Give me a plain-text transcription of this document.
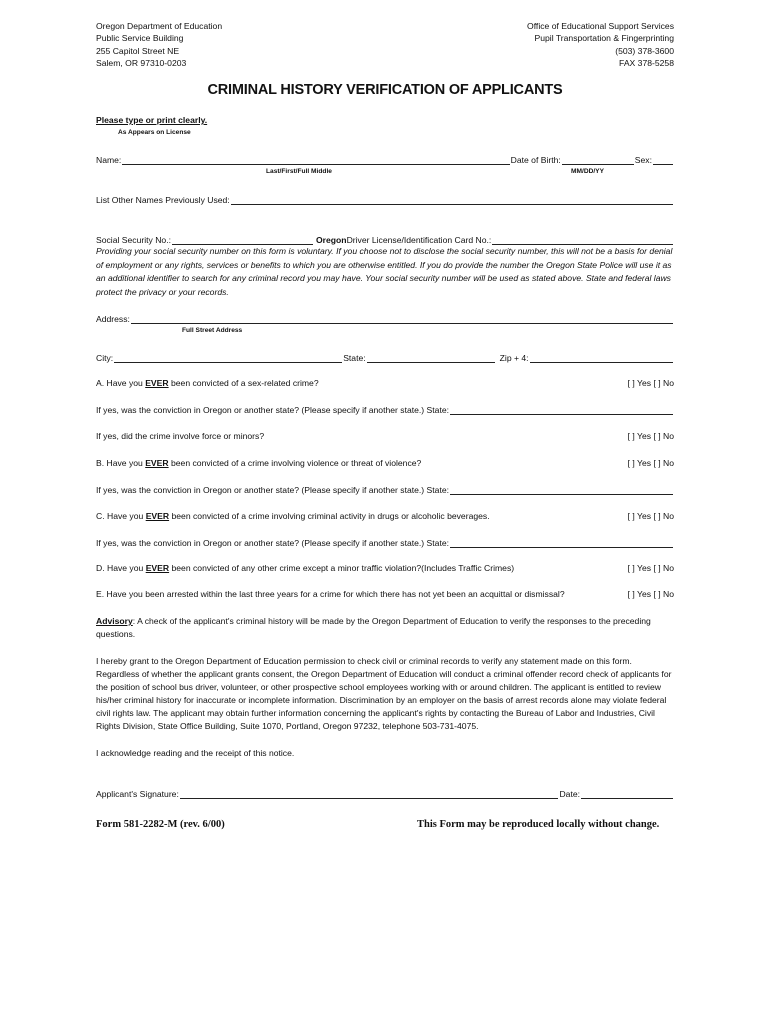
Oregon Department of Education
Public Service Building
255 Capitol Street NE
Salem, OR 97310-0203
Office of Educational Support Services
Pupil Transportation & Fingerprinting
(503) 378-3600
FAX 378-5258
CRIMINAL HISTORY VERIFICATION OF APPLICANTS
Please type or print clearly.
As Appears on License
Name:	Date of Birth:	Sex:
Last/First/Full Middle	MM/DD/YY
List Other Names Previously Used:
Social Security No.:	Oregon Driver License/Identification Card No.:
Providing your social security number on this form is voluntary. If you choose not to disclose the social security number, this will not be a basis for denial of employment or any rights, services or benefits to which you are otherwise entitled. If you do provide the number the Oregon State Police will use it as an additional identifier to search for any criminal record you may have. Your social security number will be used as stated above. State and federal laws protect the privacy or your records.
Address:
Full Street Address
City:	State:	Zip + 4:
A. Have you EVER been convicted of a sex-related crime?	[ ] Yes [ ] No
If yes, was the conviction in Oregon or another state? (Please specify if another state.) State:
If yes, did the crime involve force or minors?	[ ] Yes [ ] No
B. Have you EVER been convicted of a crime involving violence or threat of violence?	[ ] Yes [ ] No
If yes, was the conviction in Oregon or another state? (Please specify if another state.) State:
C. Have you EVER been convicted of a crime involving criminal activity in drugs or alcoholic beverages.	[ ] Yes [ ] No
If yes, was the conviction in Oregon or another state? (Please specify if another state.) State:
D. Have you EVER been convicted of any other crime except a minor traffic violation?(Includes Traffic Crimes)	[ ] Yes [ ] No
E. Have you been arrested within the last three years for a crime for which there has not yet been an acquittal or dismissal?	[ ] Yes [ ] No
Advisory: A check of the applicant's criminal history will be made by the Oregon Department of Education to verify the responses to the preceding questions.
I hereby grant to the Oregon Department of Education permission to check civil or criminal records to verify any statement made on this form. Regardless of whether the applicant grants consent, the Oregon Department of Education will conduct a criminal offender record check of applicants for the position of school bus driver, volunteer, or other prospective school employees working with or around children. The applicant is entitled to review his/her criminal history for inaccurate or incomplete information. Discrimination by an employer on the basis of arrest records alone may violate federal civil rights law. The applicant may obtain further information concerning the applicant's rights by contacting the Bureau of Labor and Industries, Civil Rights Division, State Office Building, Suite 1070, Portland, Oregon 97232, telephone 503-731-4075.
I acknowledge reading and the receipt of this notice.
Applicant's Signature:	Date:
Form 581-2282-M (rev. 6/00)	This Form may be reproduced locally without change.
